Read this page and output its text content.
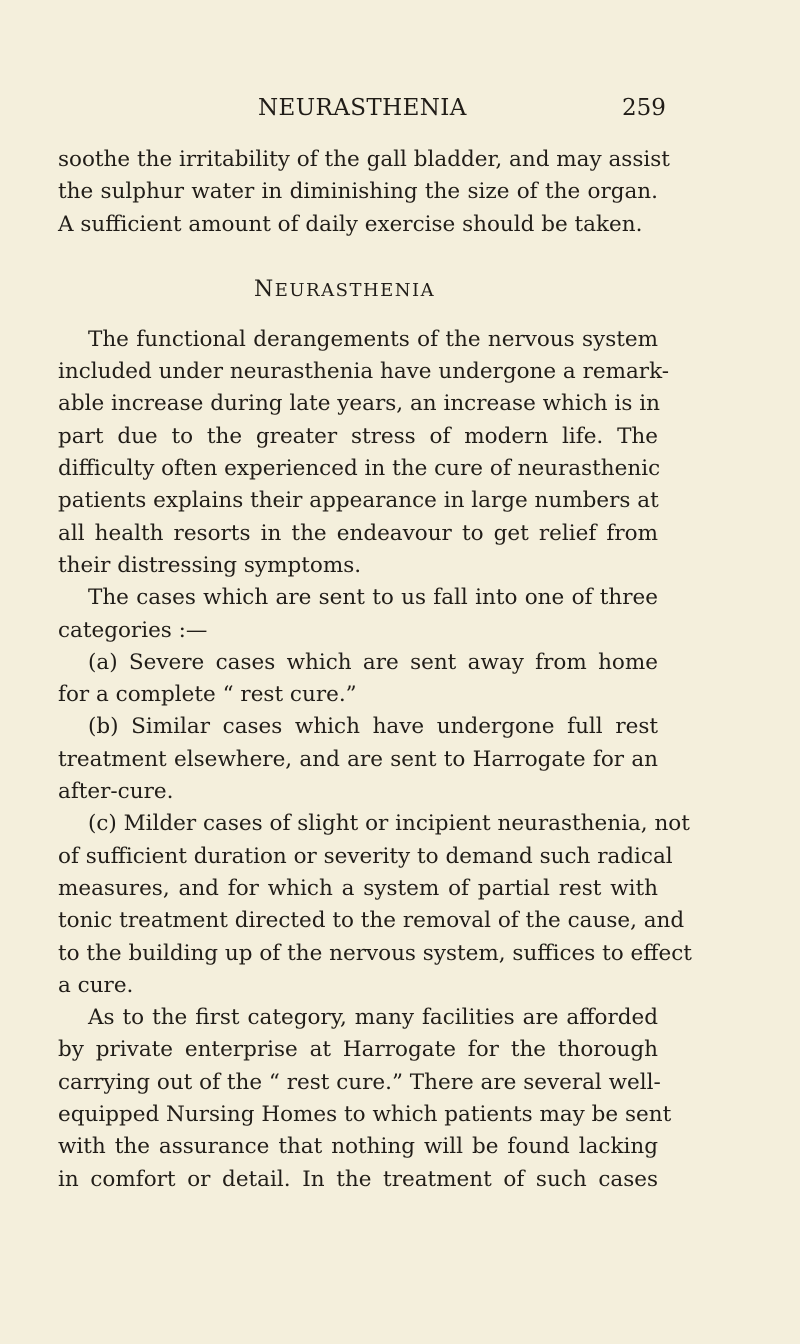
NEURASTHENIA	259
soothe the irritability of the gall bladder, and may assist
the sulphur water in diminishing the size of the organ.
A sufficient amount of daily exercise should be taken.
NEURASTHENIA
The functional derangements of the nervous system
included under neurasthenia have undergone a remark-
able increase during late years, an increase which is in
part due to the greater stress of modern life. The
difficulty often experienced in the cure of neurasthenic
patients explains their appearance in large numbers at
all health resorts in the endeavour to get relief from
their distressing symptoms.
The cases which are sent to us fall into one of three
categories :—
(a) Severe cases which are sent away from home
for a complete “ rest cure.”
(b) Similar cases which have undergone full rest
treatment elsewhere, and are sent to Harrogate for an
after-cure.
(c) Milder cases of slight or incipient neurasthenia, not
of sufficient duration or severity to demand such radical
measures, and for which a system of partial rest with
tonic treatment directed to the removal of the cause, and
to the building up of the nervous system, suffices to effect
a cure.
As to the first category, many facilities are afforded
by private enterprise at Harrogate for the thorough
carrying out of the “ rest cure.” There are several well-
equipped Nursing Homes to which patients may be sent
with the assurance that nothing will be found lacking
in comfort or detail. In the treatment of such cases
